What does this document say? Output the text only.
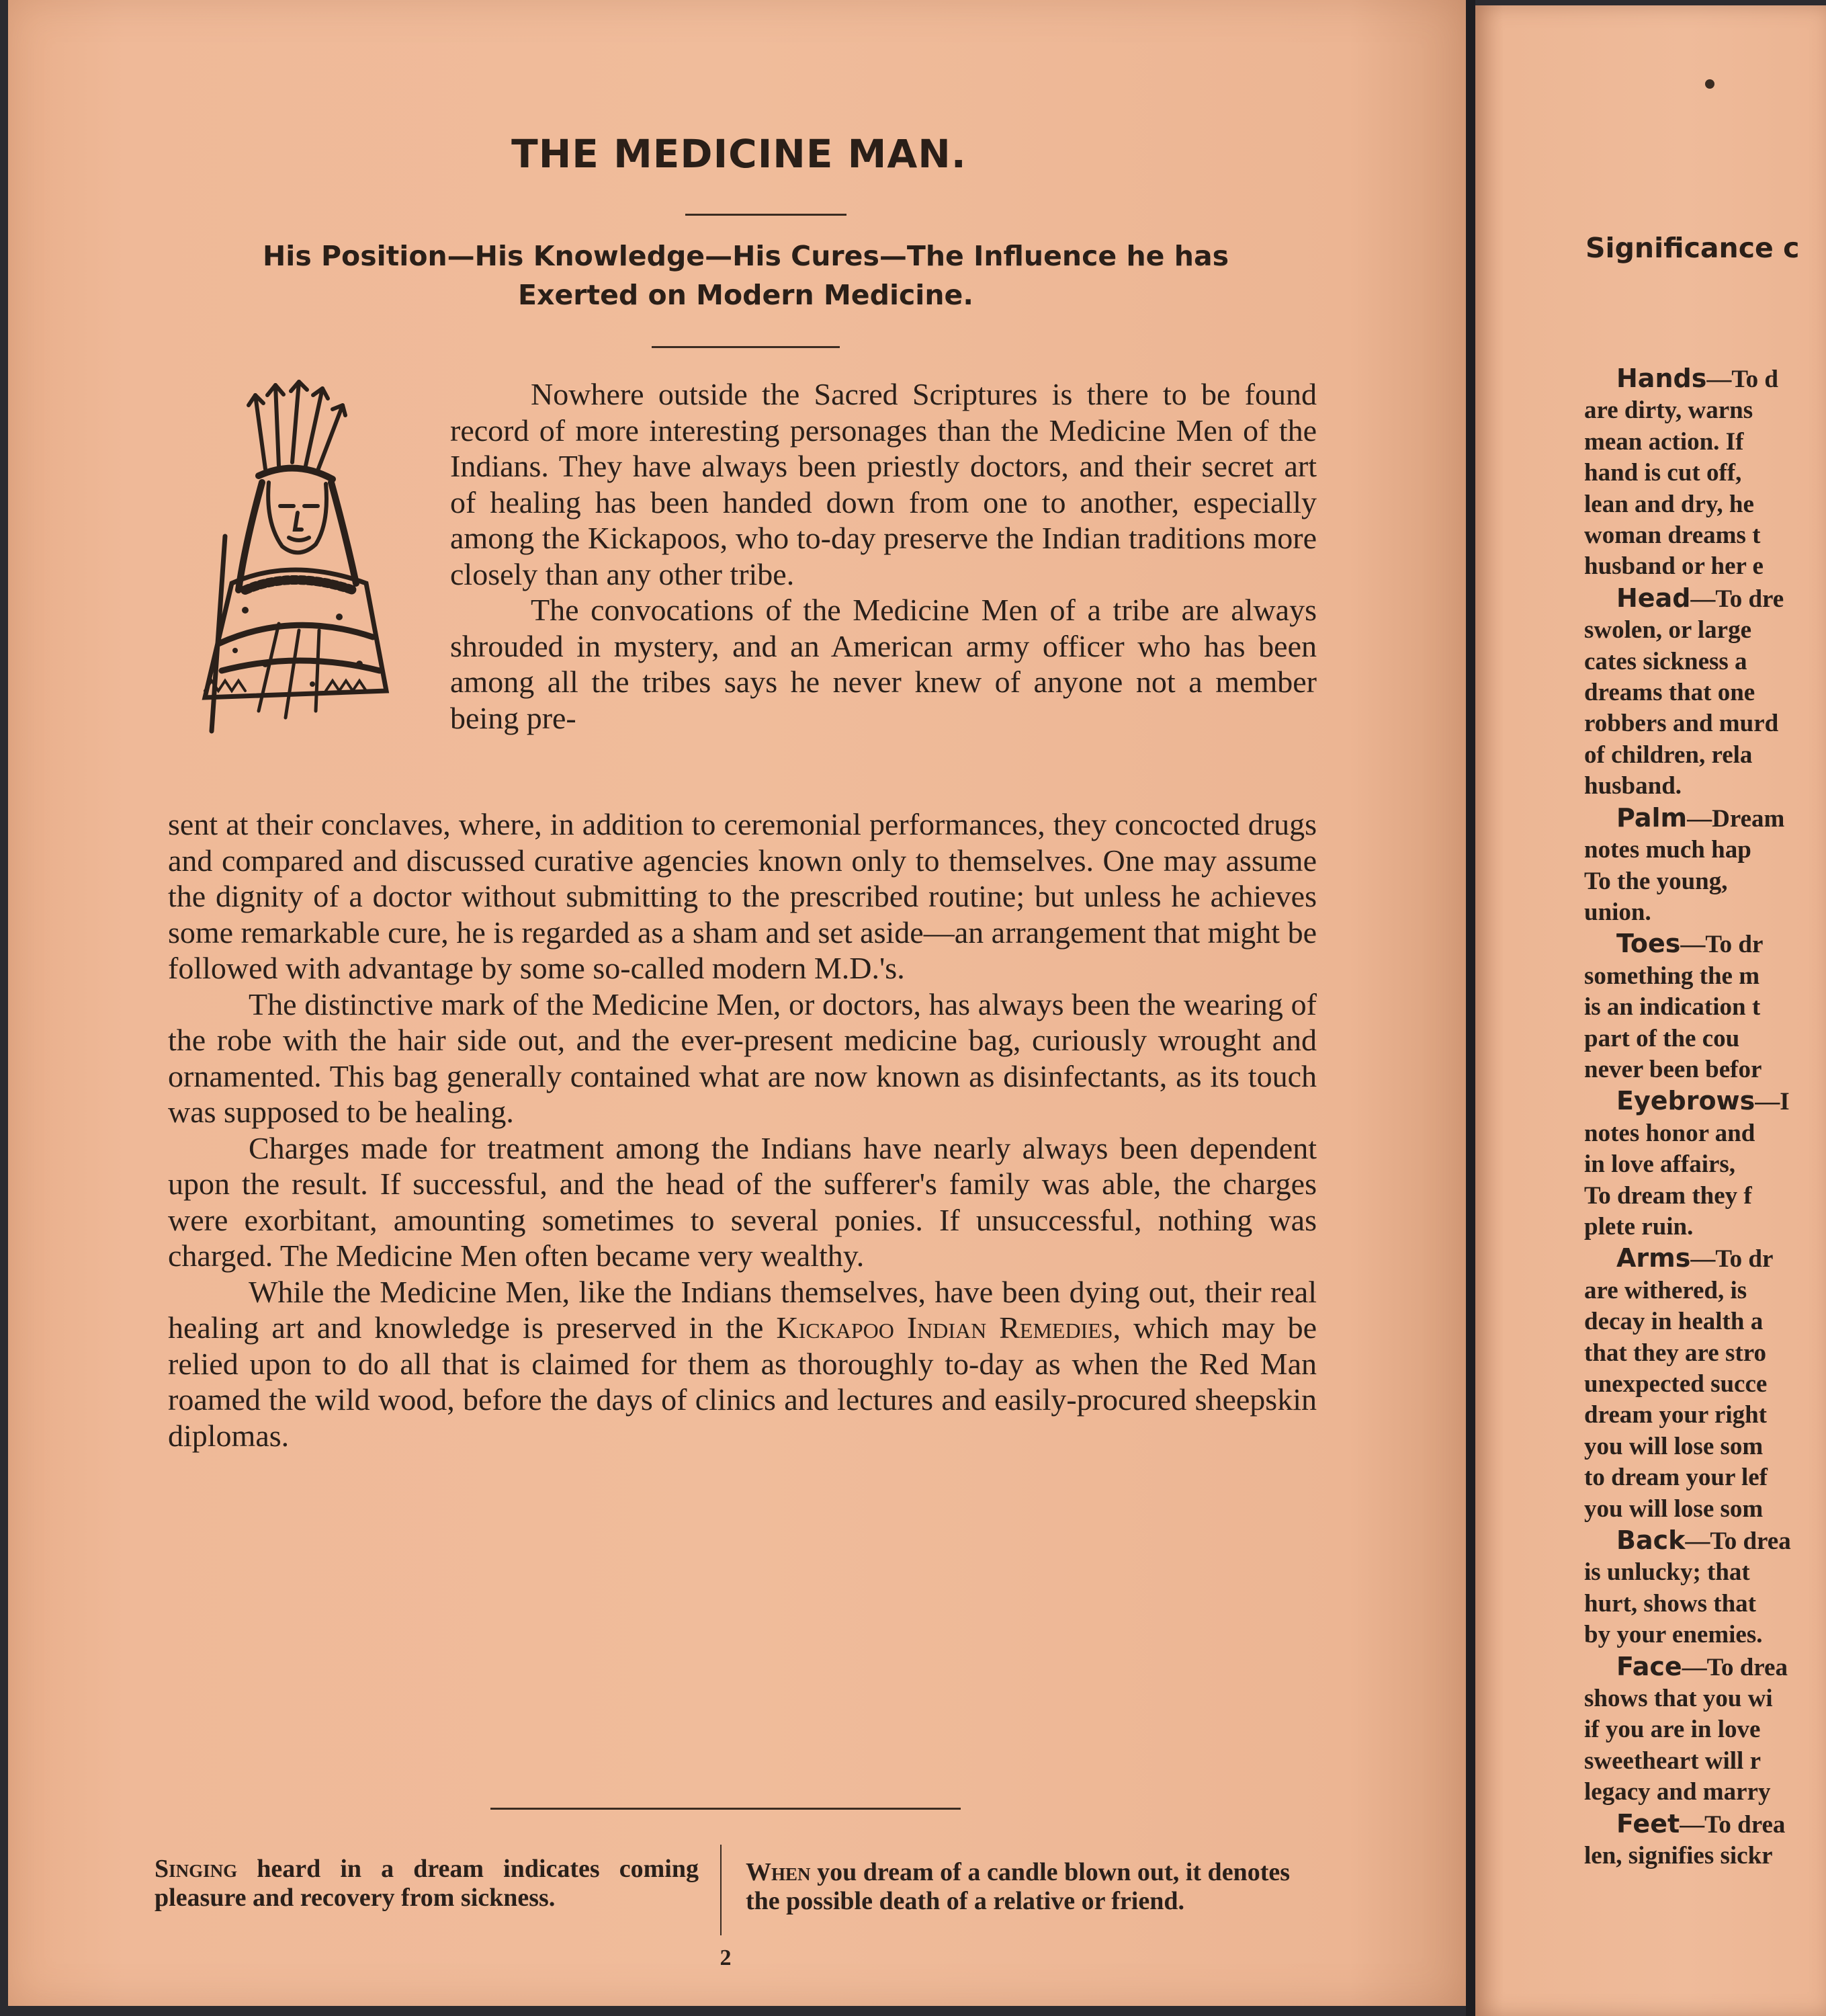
THE MEDICINE MAN.
His Position—His Knowledge—His Cures—The Influence he has
Exerted on Modern Medicine.

Nowhere outside the Sacred Scriptures is there to be found record of more interesting personages than the Medicine Men of the Indians. They have always been priestly doctors, and their secret art of healing has been handed down from one to another, especially among the Kickapoos, who to-day preserve the Indian traditions more closely than any other tribe.

The convocations of the Medicine Men of a tribe are always shrouded in mystery, and an American army officer who has been among all the tribes says he never knew of anyone not a member being pre-

sent at their conclaves, where, in addition to ceremonial performances, they concocted drugs and compared and discussed curative agencies known only to themselves. One may assume the dignity of a doctor without submitting to the prescribed routine; but unless he achieves some remarkable cure, he is regarded as a sham and set aside—an arrangement that might be followed with advantage by some so-called modern M.D.'s.

The distinctive mark of the Medicine Men, or doctors, has always been the wearing of the robe with the hair side out, and the ever-present medicine bag, curiously wrought and ornamented. This bag generally contained what are now known as disinfectants, as its touch was supposed to be healing.

Charges made for treatment among the Indians have nearly always been dependent upon the result. If successful, and the head of the sufferer's family was able, the charges were exorbitant, amounting sometimes to several ponies. If unsuccessful, nothing was charged. The Medicine Men often became very wealthy.

While the Medicine Men, like the Indians themselves, have been dying out, their real healing art and knowledge is preserved in the Kickapoo Indian Remedies, which may be relied upon to do all that is claimed for them as thoroughly to-day as when the Red Man roamed the wild wood, before the days of clinics and lectures and easily-procured sheepskin diplomas.

Singing heard in a dream indicates coming pleasure and recovery from sickness.
When you dream of a candle blown out, it denotes the possible death of a relative or friend.
2
Significance c
Hands—To d
are dirty, warns
mean action. If
hand is cut off,
lean and dry, he
woman dreams t
husband or her e
Head—To dre
swolen, or large
cates sickness a
dreams that one
robbers and murd
of children, rela
husband.
Palm—Dream
notes much hap
To the young,
union.
Toes—To dr
something the m
is an indication t
part of the cou
never been befor
Eyebrows—I
notes honor and
in love affairs,
To dream they f
plete ruin.
Arms—To dr
are withered, is
decay in health a
that they are stro
unexpected succe
dream your right
you will lose som
to dream your lef
you will lose som
Back—To drea
is unlucky; that
hurt, shows that
by your enemies.
Face—To drea
shows that you wi
if you are in love
sweetheart will r
legacy and marry
Feet—To drea
len, signifies sickr
